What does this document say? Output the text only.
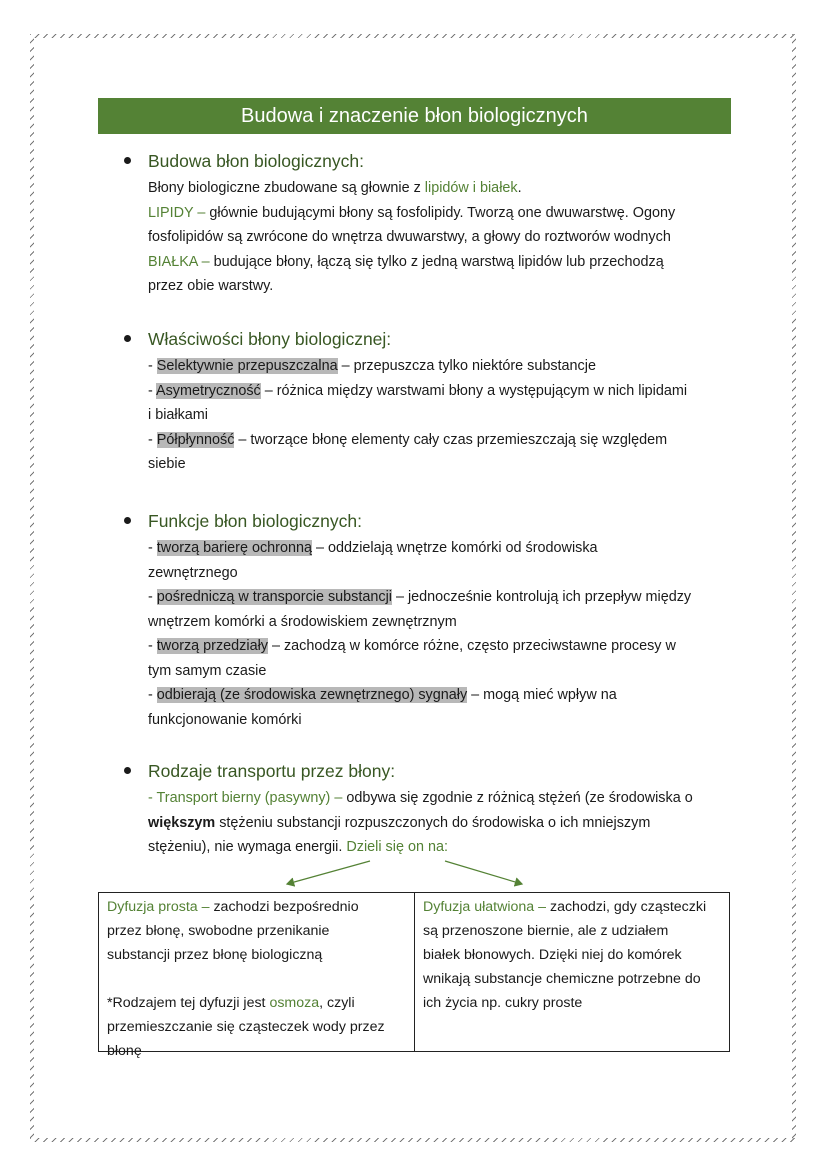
Budowa i znaczenie błon biologicznych
Budowa błon biologicznych:
Błony biologiczne zbudowane są głownie z lipidów i białek.
LIPIDY – głównie budującymi błony są fosfolipidy. Tworzą one dwuwarstwę. Ogony
fosfolipidów są zwrócone do wnętrza dwuwarstwy, a głowy do roztworów wodnych
BIAŁKA – budujące błony, łączą się tylko z jedną warstwą lipidów lub przechodzą
przez obie warstwy.
Właściwości błony biologicznej:
- Selektywnie przepuszczalna – przepuszcza tylko niektóre substancje
- Asymetryczność – różnica między warstwami błony a występującym w nich lipidami
i białkami
- Półpłynność – tworzące błonę elementy cały czas przemieszczają się względem
siebie
Funkcje błon biologicznych:
- tworzą barierę ochronną – oddzielają wnętrze komórki od środowiska
zewnętrznego
- pośredniczą w transporcie substancji – jednocześnie kontrolują ich przepływ między
wnętrzem komórki a środowiskiem zewnętrznym
- tworzą przedziały – zachodzą w komórce różne, często przeciwstawne procesy w
tym samym czasie
- odbierają (ze środowiska zewnętrznego) sygnały – mogą mieć wpływ na
funkcjonowanie komórki
Rodzaje transportu przez błony:
- Transport bierny (pasywny) – odbywa się zgodnie z różnicą stężeń (ze środowiska o
większym stężeniu substancji rozpuszczonych do środowiska o ich mniejszym
stężeniu), nie wymaga energii. Dzieli się on na:
Dyfuzja prosta – zachodzi bezpośrednio
przez błonę, swobodne przenikanie
substancji przez błonę biologiczną
*Rodzajem tej dyfuzji jest osmoza, czyli
przemieszczanie się cząsteczek wody przez
błonę
Dyfuzja ułatwiona – zachodzi, gdy cząsteczki
są przenoszone biernie, ale z udziałem
białek błonowych. Dzięki niej do komórek
wnikają substancje chemiczne potrzebne do
ich życia np. cukry proste
